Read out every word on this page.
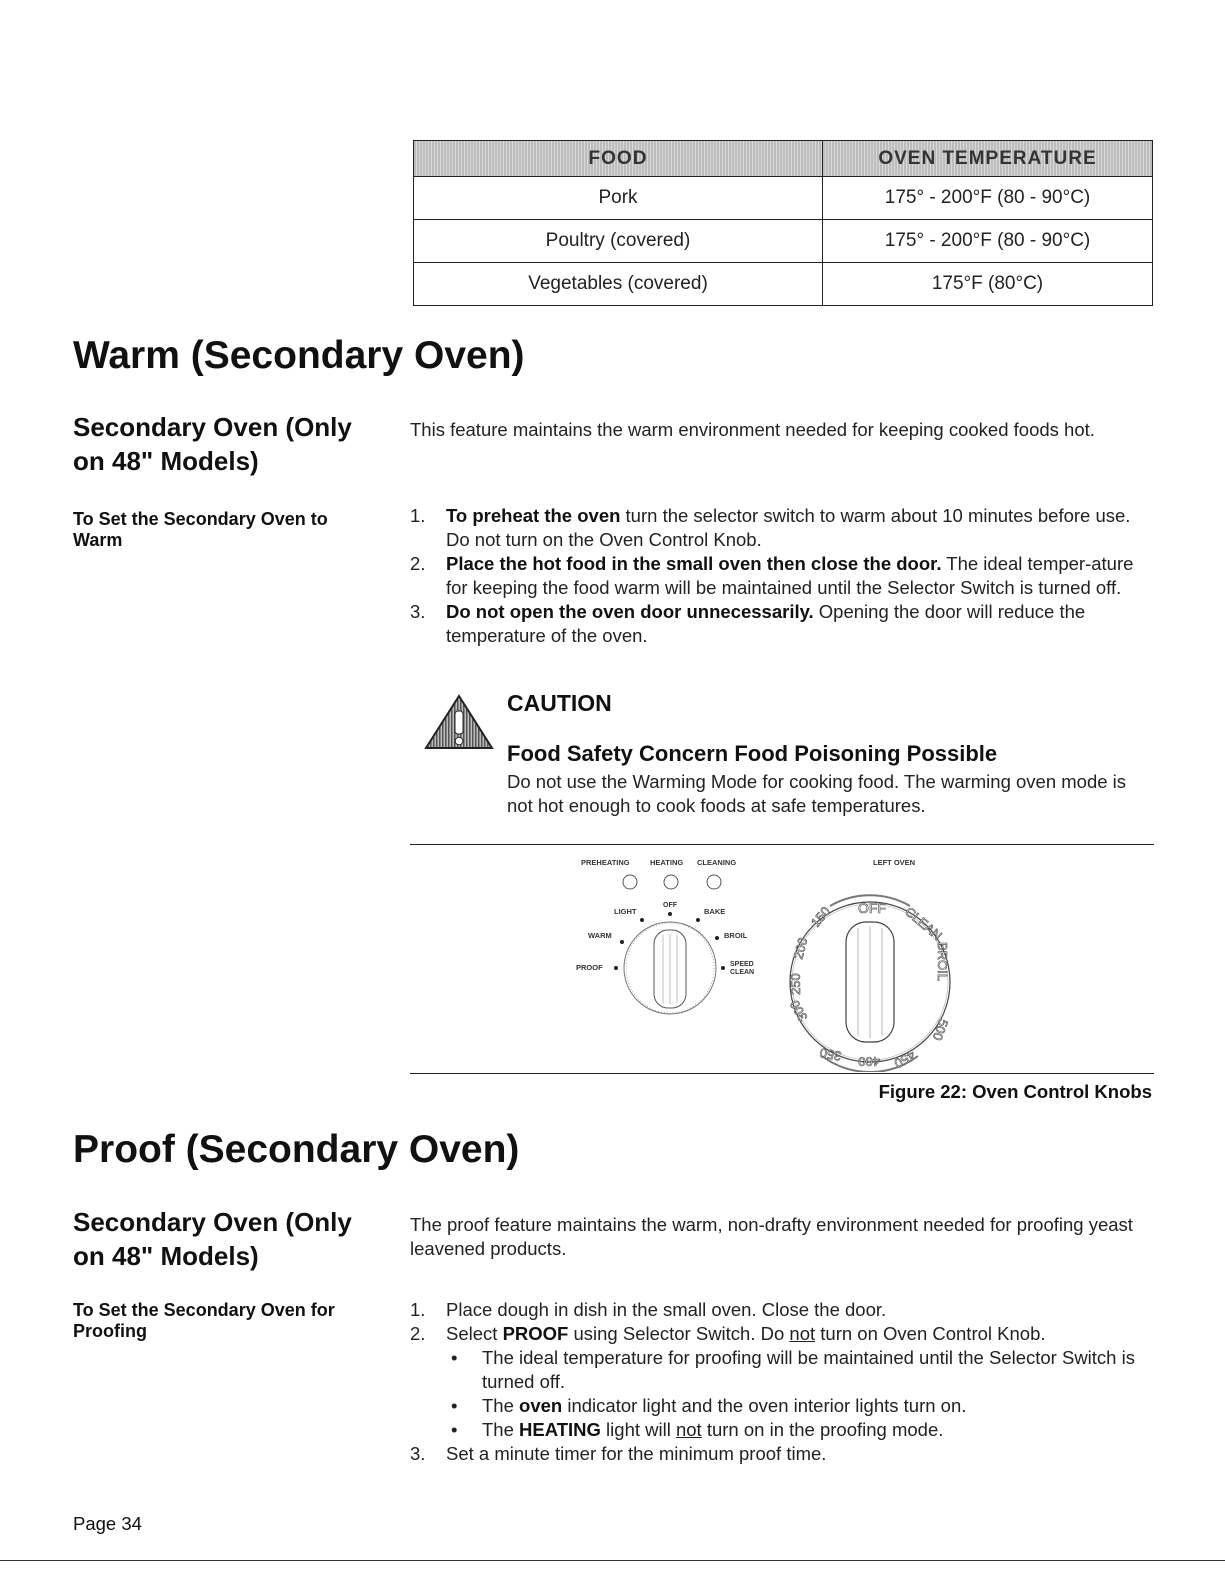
FOOD	OVEN TEMPERATURE
Pork	175° - 200°F (80 - 90°C)
Poultry (covered)	175° - 200°F (80 - 90°C)
Vegetables (covered)	175°F (80°C)
Warm (Secondary Oven)
Secondary Oven (Only on 48" Models)

This feature maintains the warm environment needed for keeping cooked foods hot.

To Set the Secondary Oven to Warm
1. To preheat the oven turn the selector switch to warm about 10 minutes before use. Do not turn on the Oven Control Knob.
2. Place the hot food in the small oven then close the door. The ideal temper-ature for keeping the food warm will be maintained until the Selector Switch is turned off.
3. Do not open the oven door unnecessarily. Opening the door will reduce the temperature of the oven.

CAUTION

Food Safety Concern Food Poisoning Possible

Do not use the Warming Mode for cooking food. The warming oven mode is not hot enough to cook foods at safe temperatures.

PREHEATING	HEATING CLEANING	LEFT OVEN
OFF
LIGHT	BAKE
WARM	BROIL
PROOF	SPEED
CLEAN
OFF CLEAN
BROIL
150
200
250
300
350 400 450
500
Figure 22: Oven Control Knobs
Proof (Secondary Oven)
Secondary Oven (Only on 48" Models)

The proof feature maintains the warm, non-drafty environment needed for proofing yeast leavened products.

To Set the Secondary Oven for Proofing
1. Place dough in dish in the small oven. Close the door.
2. Select PROOF using Selector Switch. Do not turn on Oven Control Knob.
• The ideal temperature for proofing will be maintained until the Selector Switch is turned off.
• The oven indicator light and the oven interior lights turn on.
• The HEATING light will not turn on in the proofing mode.
3. Set a minute timer for the minimum proof time.
Page 34
